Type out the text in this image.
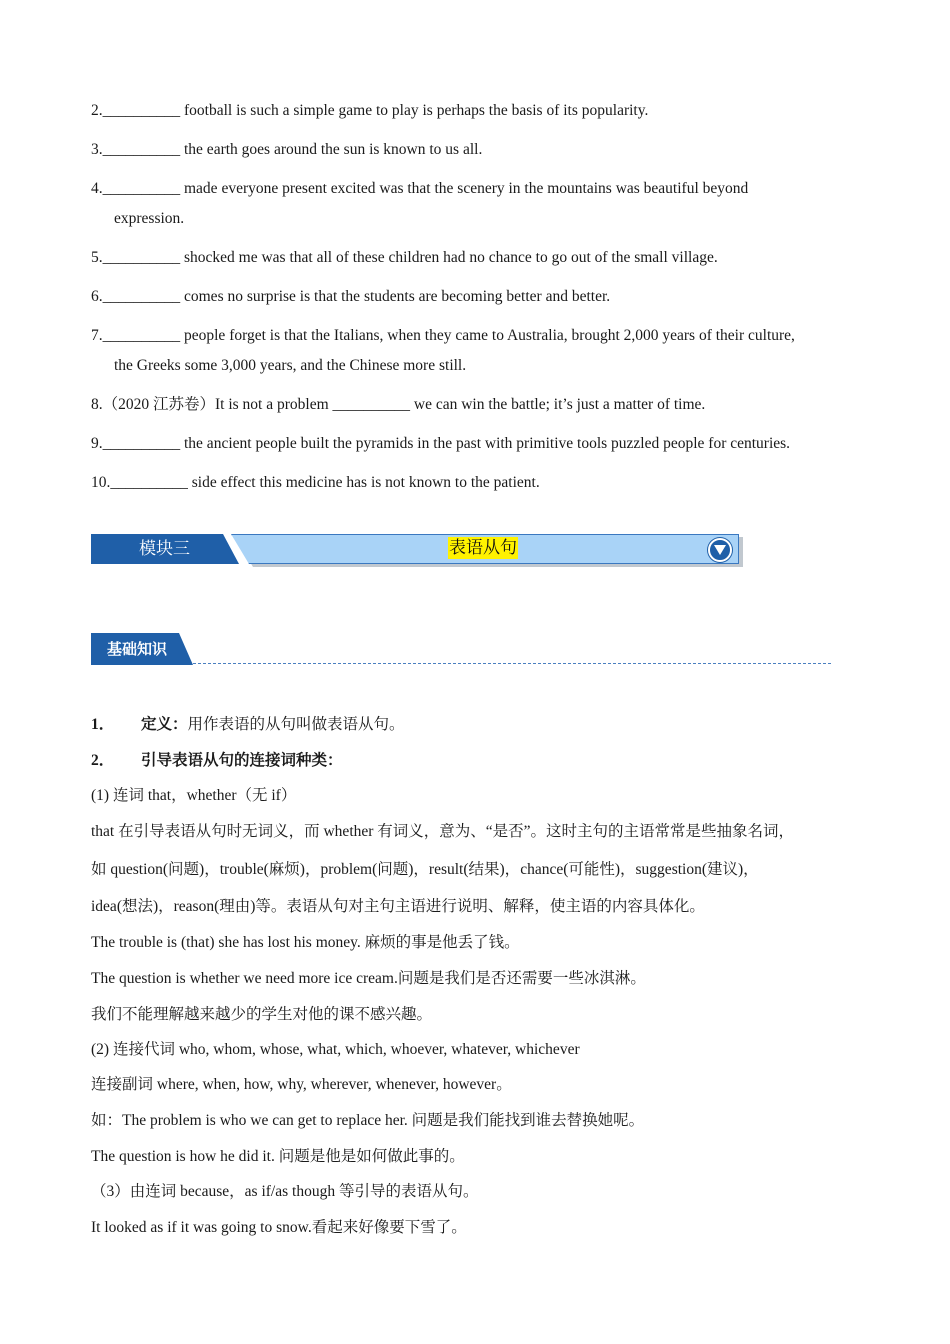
2.__________ football is such a simple game to play is perhaps the basis of its popularity.
3.__________ the earth goes around the sun is known to us all.
4.__________ made everyone present excited was that the scenery in the mountains was beautiful beyond
expression.
5.__________ shocked me was that all of these children had no chance to go out of the small village.
6.__________ comes no surprise is that the students are becoming better and better.
7.__________ people forget is that the Italians, when they came to Australia, brought 2,000 years of their culture,
the Greeks some 3,000 years, and the Chinese more still.
8.（2020 江苏卷）It is not a problem __________ we can win the battle; it’s just a matter of time.
9.__________ the ancient people built the pyramids in the past with primitive tools puzzled people for centuries.
10.__________ side effect this medicine has is not known to the patient.
模块三	表语从句
基础知识
1． 定义：用作表语的从句叫做表语从句。
2． 引导表语从句的连接词种类：
(1) 连词 that，whether（无 if）
that 在引导表语从句时无词义，而 whether 有词义，意为、“是否”。这时主句的主语常常是些抽象名词，
如 question(问题)，trouble(麻烦)，problem(问题)，result(结果)，chance(可能性)，suggestion(建议)，
idea(想法)，reason(理由)等。表语从句对主句主语进行说明、解释，使主语的内容具体化。
The trouble is (that) she has lost his money. 麻烦的事是他丢了钱。
The question is whether we need more ice cream.问题是我们是否还需要一些冰淇淋。
我们不能理解越来越少的学生对他的课不感兴趣。
(2) 连接代词 who, whom, whose, what, which, whoever, whatever, whichever
连接副词 where, when, how, why, wherever, whenever, however。
如：The problem is who we can get to replace her. 问题是我们能找到谁去替换她呢。
The question is how he did it. 问题是他是如何做此事的。
（3）由连词 because，as if/as though 等引导的表语从句。
It looked as if it was going to snow.看起来好像要下雪了。
